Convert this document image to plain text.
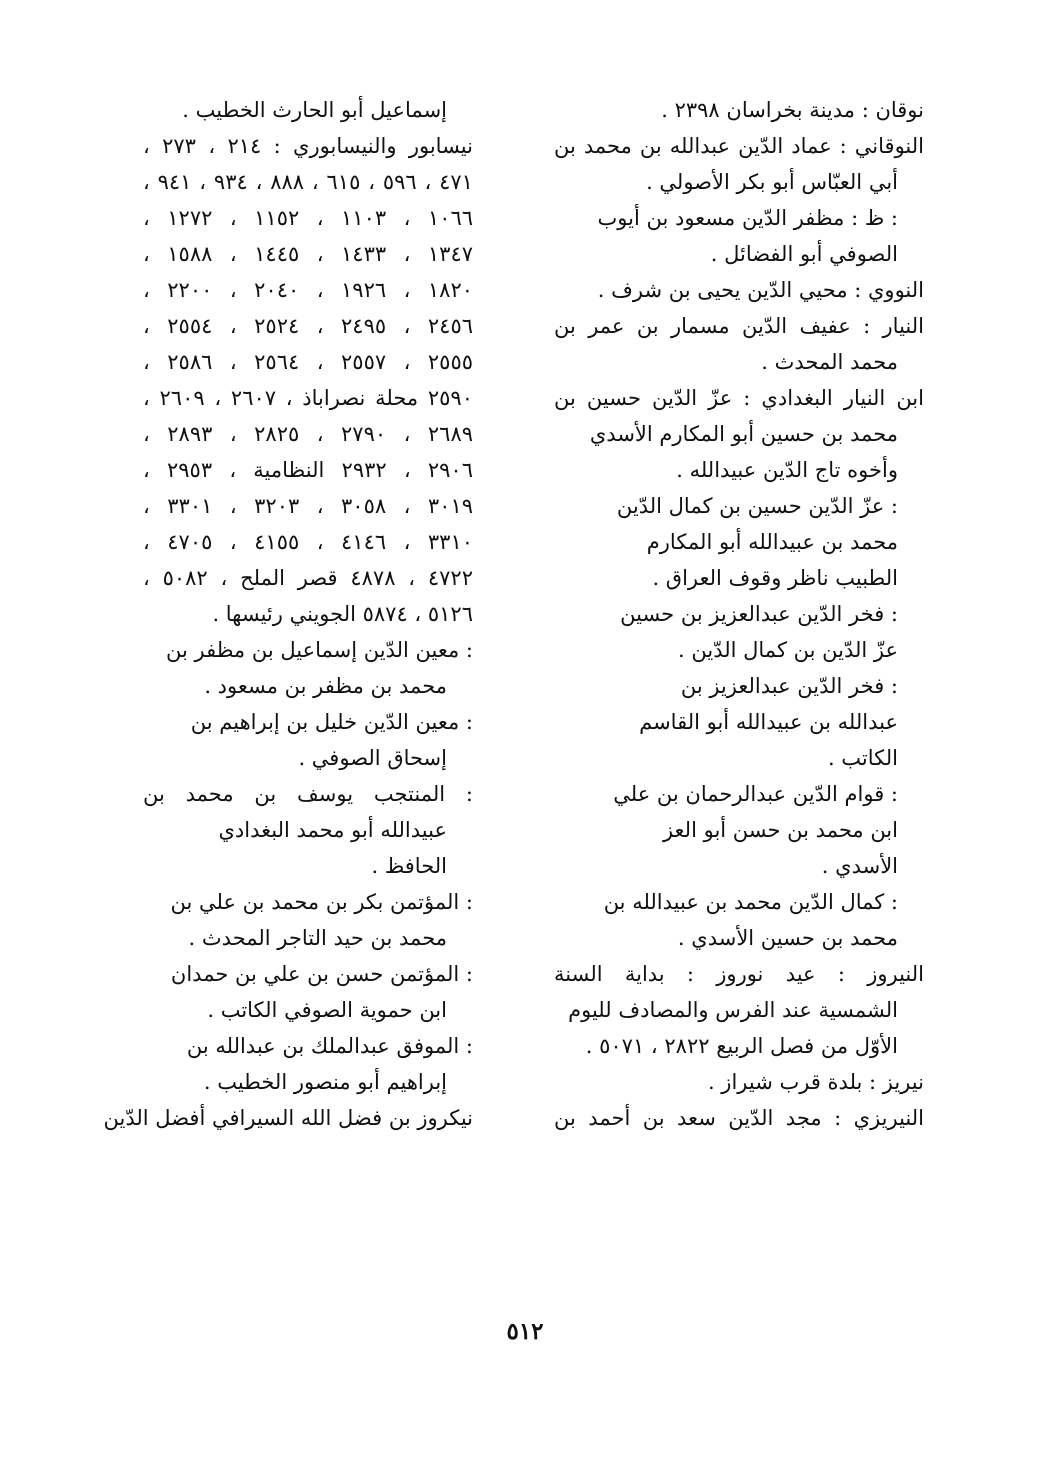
نوقان : مدينة بخراسان ٢٣٩٨ .
النوقاني : عماد الدّين عبدالله بن محمد بن
أبي العبّاس أبو بكر الأصولي .
: ظ : مظفر الدّين مسعود بن أيوب
الصوفي أبو الفضائل .
النووي : محيي الدّين يحيى بن شرف .
النيار : عفيف الدّين مسمار بن عمر بن
محمد المحدث .
ابن النيار البغدادي : عزّ الدّين حسين بن
محمد بن حسين أبو المكارم الأسدي
وأخوه تاج الدّين عبيدالله .
: عزّ الدّين حسين بن كمال الدّين
محمد بن عبيدالله أبو المكارم
الطبيب ناظر وقوف العراق .
: فخر الدّين عبدالعزيز بن حسين
عزّ الدّين بن كمال الدّين .
: فخر الدّين عبدالعزيز بن
عبدالله بن عبيدالله أبو القاسم
الكاتب .
: قوام الدّين عبدالرحمان بن علي
ابن محمد بن حسن أبو العز
الأسدي .
: كمال الدّين محمد بن عبيدالله بن
محمد بن حسين الأسدي .
النيروز : عيد نوروز : بداية السنة
الشمسية عند الفرس والمصادف لليوم
الأوّل من فصل الربيع ٢٨٢٢ ، ٥٠٧١ .
نيريز : بلدة قرب شيراز .
النيريزي : مجد الدّين سعد بن أحمد بن
إسماعيل أبو الحارث الخطيب .
نيسابور والنيسابوري : ٢١٤ ، ٢٧٣ ،
٤٧١ ، ٥٩٦ ، ٦١٥ ، ٨٨٨ ، ٩٣٤ ، ٩٤١ ،
١٠٦٦ ، ١١٠٣ ، ١١٥٢ ، ١٢٧٢ ،
١٣٤٧ ، ١٤٣٣ ، ١٤٤٥ ، ١٥٨٨ ،
١٨٢٠ ، ١٩٢٦ ، ٢٠٤٠ ، ٢٢٠٠ ،
٢٤٥٦ ، ٢٤٩٥ ، ٢٥٢٤ ، ٢٥٥٤ ،
٢٥٥٥ ، ٢٥٥٧ ، ٢٥٦٤ ، ٢٥٨٦ ،
٢٥٩٠ محلة نصراباذ ، ٢٦٠٧ ، ٢٦٠٩ ،
٢٦٨٩ ، ٢٧٩٠ ، ٢٨٢٥ ، ٢٨٩٣ ،
٢٩٠٦ ، ٢٩٣٢ النظامية ، ٢٩٥٣ ،
٣٠١٩ ، ٣٠٥٨ ، ٣٢٠٣ ، ٣٣٠١ ،
٣٣١٠ ، ٤١٤٦ ، ٤١٥٥ ، ٤٧٠٥ ،
٤٧٢٢ ، ٤٨٧٨ قصر الملح ، ٥٠٨٢ ،
٥١٢٦ ، ٥٨٧٤ الجويني رئيسها .
: معين الدّين إسماعيل بن مظفر بن
محمد بن مظفر بن مسعود .
: معين الدّين خليل بن إبراهيم بن
إسحاق الصوفي .
: المنتجب يوسف بن محمد بن
عبيدالله أبو محمد البغدادي
الحافظ .
: المؤتمن بكر بن محمد بن علي بن
محمد بن حيد التاجر المحدث .
: المؤتمن حسن بن علي بن حمدان
ابن حموية الصوفي الكاتب .
: الموفق عبدالملك بن عبدالله بن
إبراهيم أبو منصور الخطيب .
نيكروز بن فضل الله السيرافي أفضل الدّين
٥١٢
